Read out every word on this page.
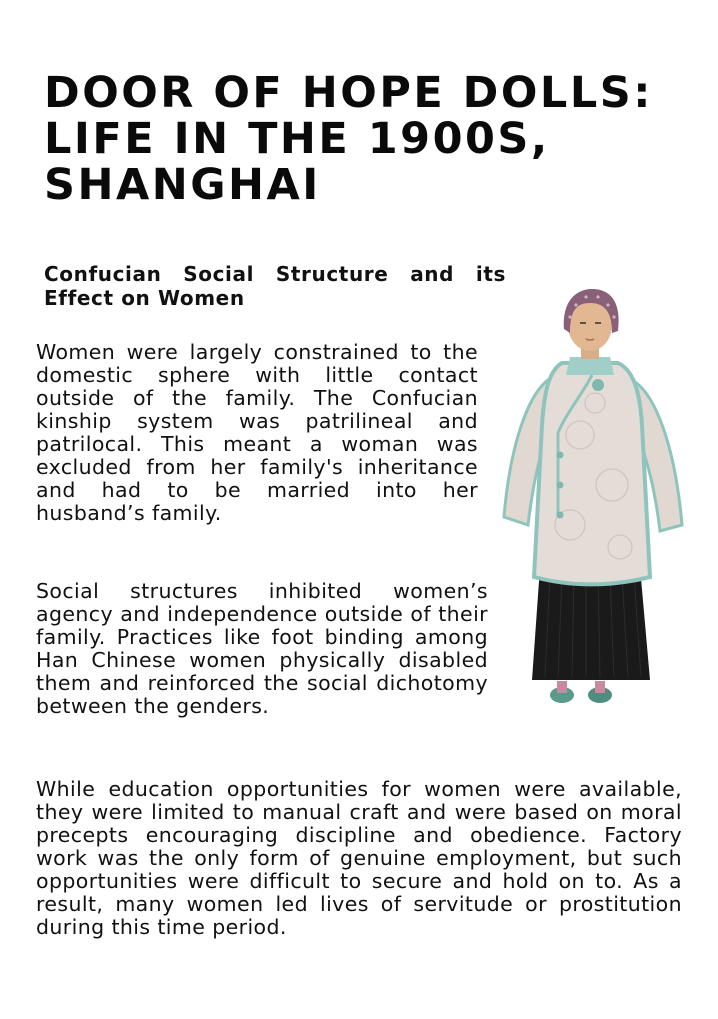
DOOR OF HOPE DOLLS:
LIFE IN THE 1900S,
SHANGHAI
Confucian Social Structure and its Effect on Women

Women were largely constrained to the domestic sphere with little contact outside of the family. The Confucian kinship system was patrilineal and patrilocal. This meant a woman was excluded from her family's inheritance and had to be married into her husband’s family.

Social structures inhibited women’s agency and independence outside of their family. Practices like foot binding among Han Chinese women physically disabled them and reinforced the social dichotomy between the genders.

While education opportunities for women were available, they were limited to manual craft and were based on moral precepts encouraging discipline and obedience. Factory work was the only form of genuine employment, but such opportunities were difficult to secure and hold on to. As a result, many women led lives of servitude or prostitution during this time period.
